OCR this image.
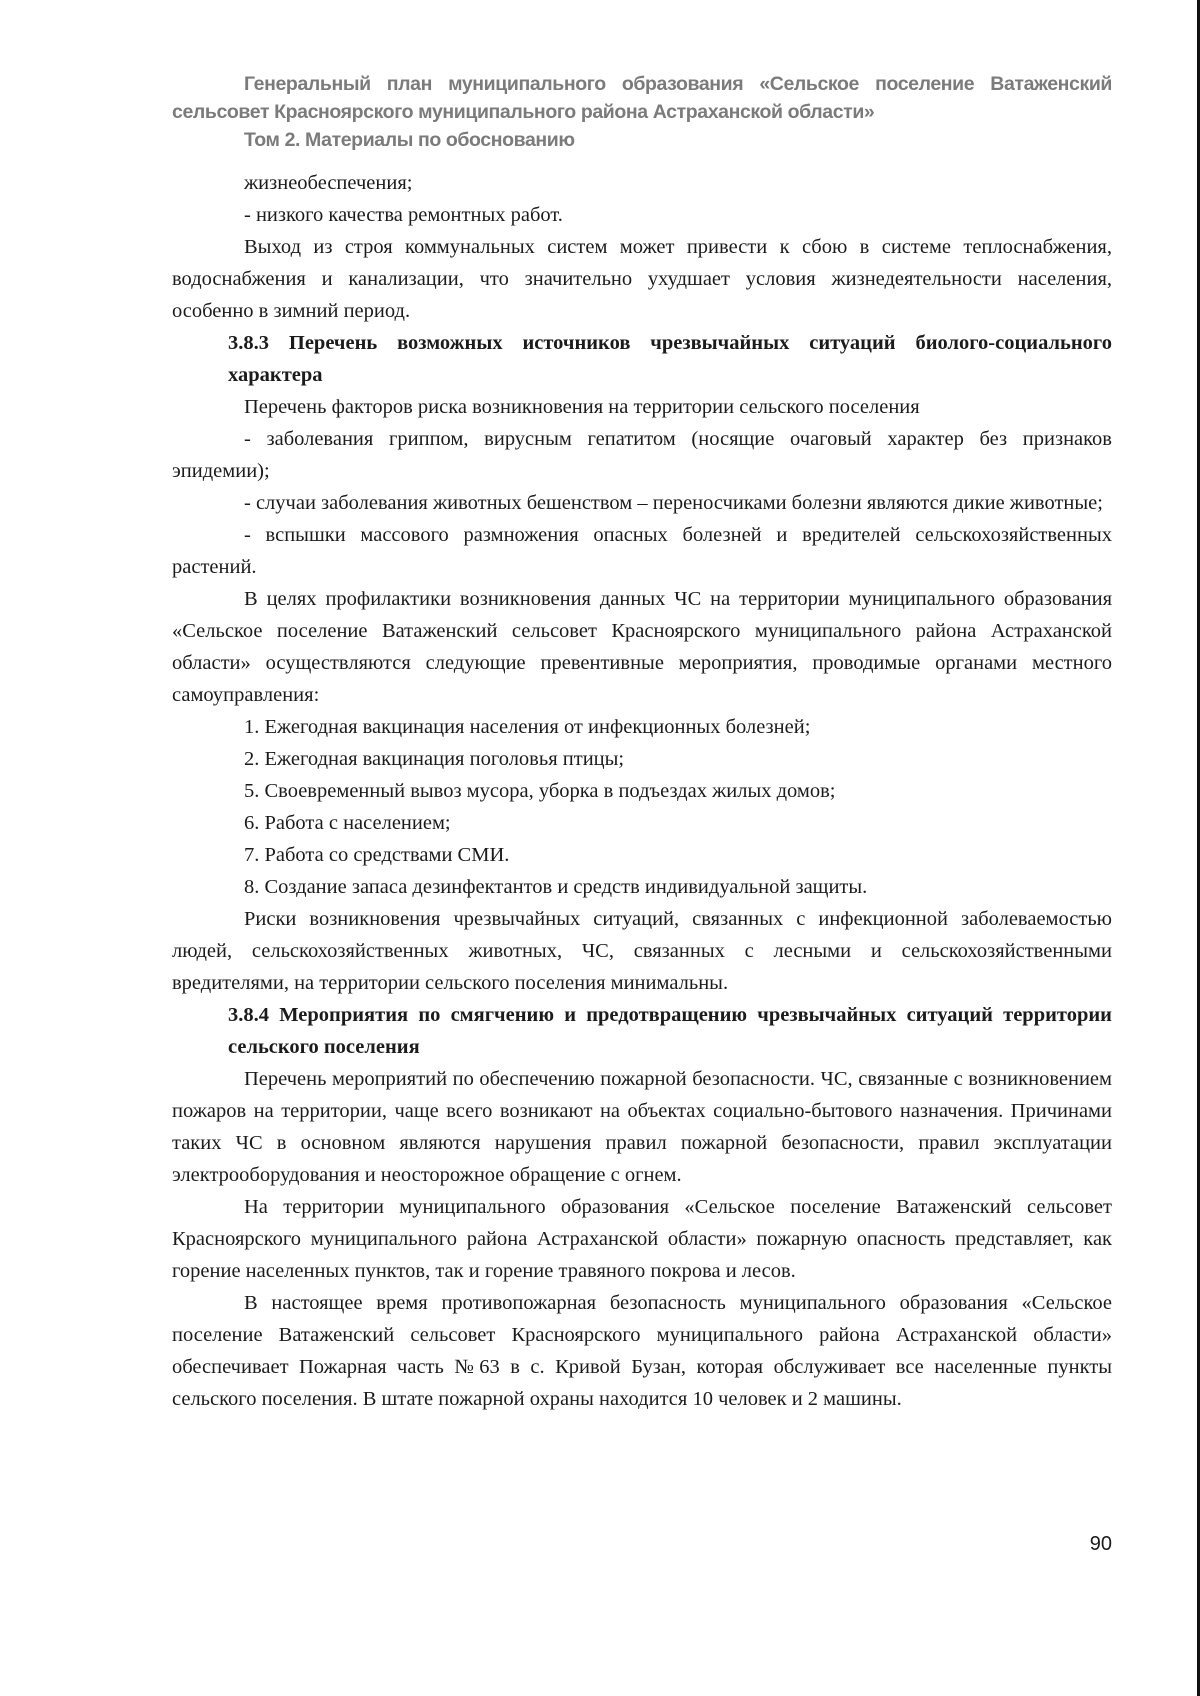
Генеральный план муниципального образования «Сельское поселение Ватаженский
сельсовет Красноярского муниципального района Астраханской области»
Том 2. Материалы по обоснованию

жизнеобеспечения;

- низкого качества ремонтных работ.

Выход из строя коммунальных систем может привести к сбою в системе теплоснабжения, водоснабжения и канализации, что значительно ухудшает условия жизнедеятельности населения, особенно в зимний период.

3.8.3 Перечень возможных источников чрезвычайных ситуаций биолого-социального характера

Перечень факторов риска возникновения на территории сельского поселения

- заболевания гриппом, вирусным гепатитом (носящие очаговый характер без признаков эпидемии);

- случаи заболевания животных бешенством – переносчиками болезни являются дикие животные;

- вспышки массового размножения опасных болезней и вредителей сельскохозяйственных растений.

В целях профилактики возникновения данных ЧС на территории муниципального образования «Сельское поселение Ватаженский сельсовет Красноярского муниципального района Астраханской области» осуществляются следующие превентивные мероприятия, проводимые органами местного самоуправления:

1. Ежегодная вакцинация населения от инфекционных болезней;

2. Ежегодная вакцинация поголовья птицы;

5. Своевременный вывоз мусора, уборка в подъездах жилых домов;

6. Работа с населением;

7. Работа со средствами СМИ.

8. Создание запаса дезинфектантов и средств индивидуальной защиты.

Риски возникновения чрезвычайных ситуаций, связанных с инфекционной заболеваемостью людей, сельскохозяйственных животных, ЧС, связанных с лесными и сельскохозяйственными вредителями, на территории сельского поселения минимальны.

3.8.4 Мероприятия по смягчению и предотвращению чрезвычайных ситуаций территории сельского поселения

Перечень мероприятий по обеспечению пожарной безопасности. ЧС, связанные с возникновением пожаров на территории, чаще всего возникают на объектах социально-бытового назначения. Причинами таких ЧС в основном являются нарушения правил пожарной безопасности, правил эксплуатации электрооборудования и неосторожное обращение с огнем.

На территории муниципального образования «Сельское поселение Ватаженский сельсовет Красноярского муниципального района Астраханской области» пожарную опасность представляет, как горение населенных пунктов, так и горение травяного покрова и лесов.

В настоящее время противопожарная безопасность муниципального образования «Сельское поселение Ватаженский сельсовет Красноярского муниципального района Астраханской области» обеспечивает Пожарная часть №63 в с. Кривой Бузан, которая обслуживает все населенные пункты сельского поселения. В штате пожарной охраны находится 10 человек и 2 машины.

90
